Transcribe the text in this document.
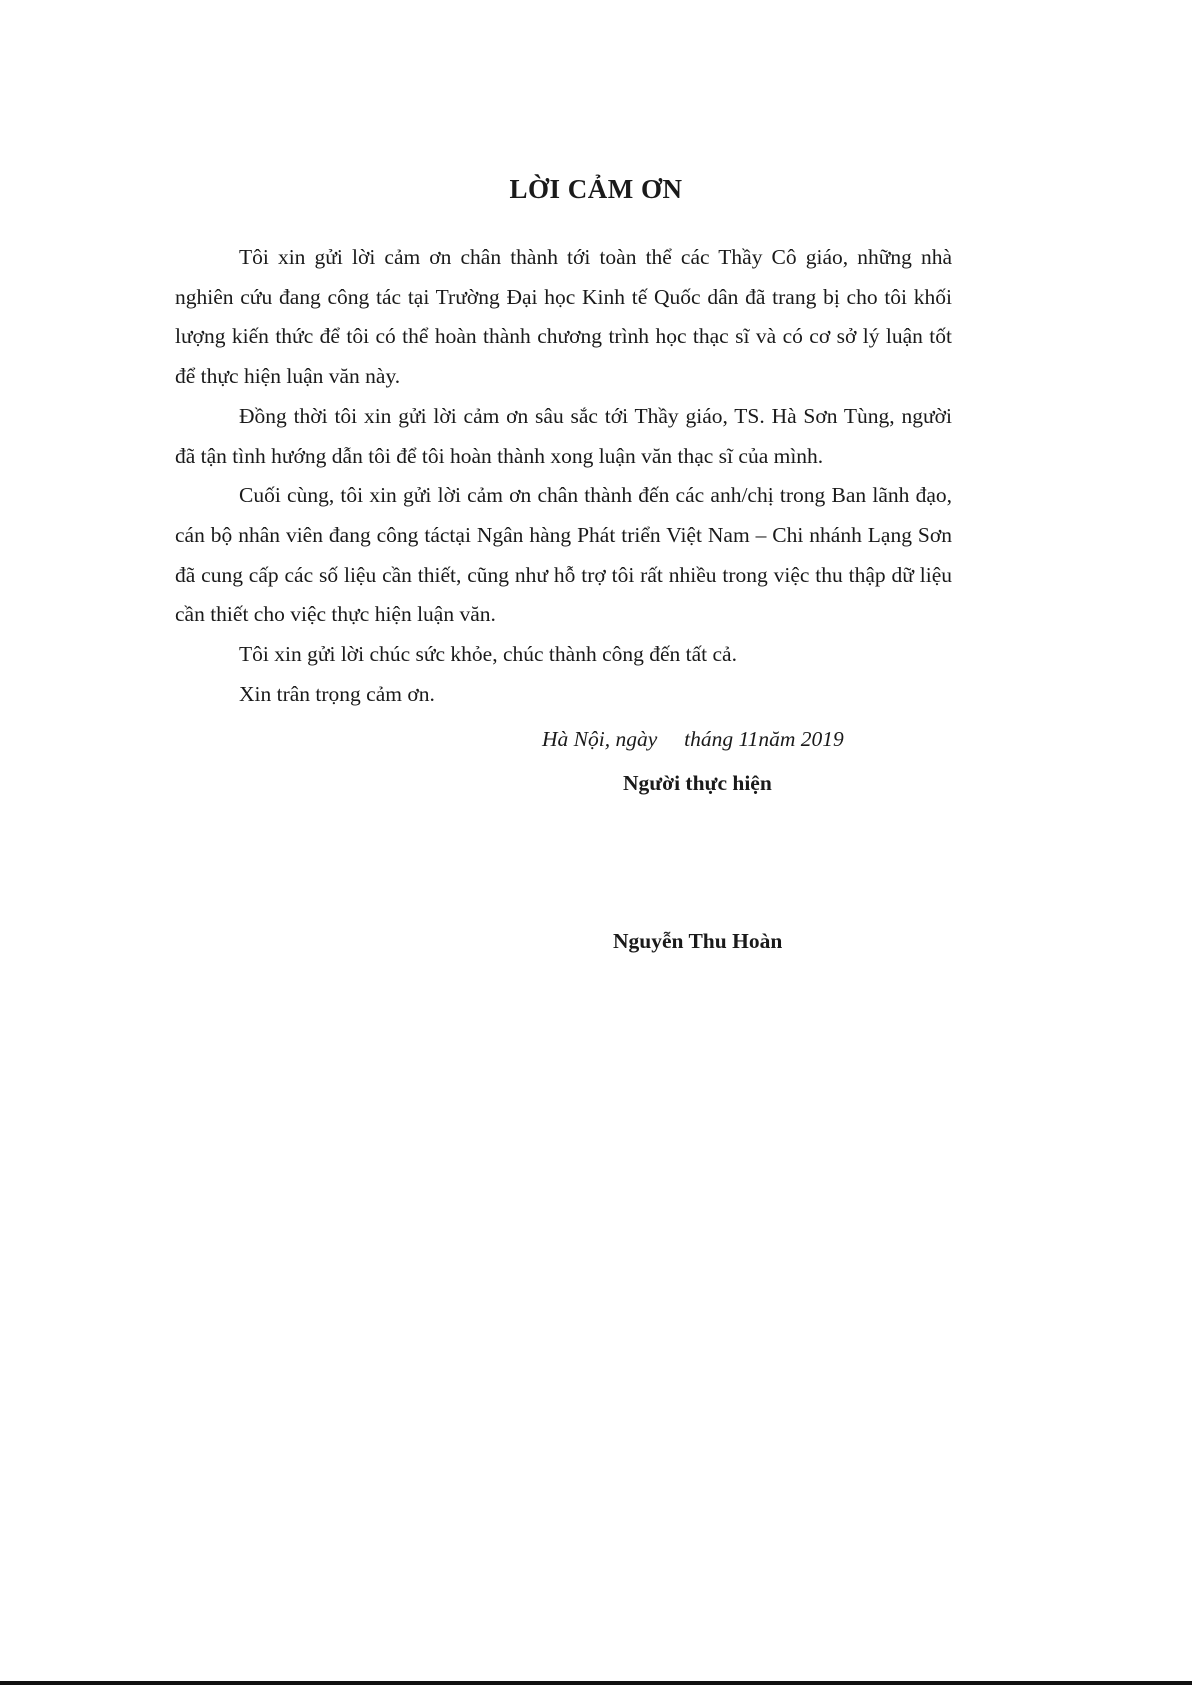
LỜI CẢM ƠN

Tôi xin gửi lời cảm ơn chân thành tới toàn thể các Thầy Cô giáo, những nhà nghiên cứu đang công tác tại Trường Đại học Kinh tế Quốc dân đã trang bị cho tôi khối lượng kiến thức để tôi có thể hoàn thành chương trình học thạc sĩ và có cơ sở lý luận tốt để thực hiện luận văn này.

Đồng thời tôi xin gửi lời cảm ơn sâu sắc tới Thầy giáo, TS. Hà Sơn Tùng, người đã tận tình hướng dẫn tôi để tôi hoàn thành xong luận văn thạc sĩ của mình.

Cuối cùng, tôi xin gửi lời cảm ơn chân thành đến các anh/chị trong Ban lãnh đạo, cán bộ nhân viên đang công táctại Ngân hàng Phát triển Việt Nam – Chi nhánh Lạng Sơn đã cung cấp các số liệu cần thiết, cũng như hỗ trợ tôi rất nhiều trong việc thu thập dữ liệu cần thiết cho việc thực hiện luận văn.

Tôi xin gửi lời chúc sức khỏe, chúc thành công đến tất cả.

Xin trân trọng cảm ơn.

Hà Nội, ngày     tháng 11năm 2019
Người thực hiện
Nguyễn Thu Hoàn
